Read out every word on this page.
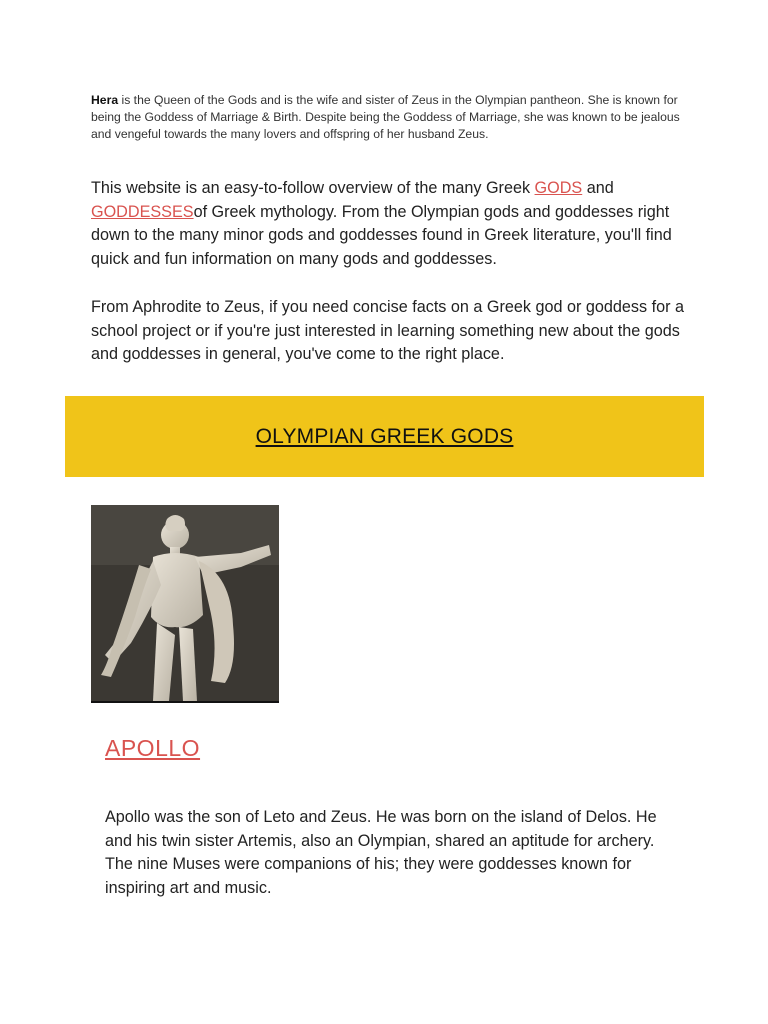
Hera is the Queen of the Gods and is the wife and sister of Zeus in the Olympian pantheon. She is known for being the Goddess of Marriage & Birth. Despite being the Goddess of Marriage, she was known to be jealous and vengeful towards the many lovers and offspring of her husband Zeus.

This website is an easy-to-follow overview of the many Greek GODS and GODDESSESof Greek mythology. From the Olympian gods and goddesses right down to the many minor gods and goddesses found in Greek literature, you'll find quick and fun information on many gods and goddesses.

From Aphrodite to Zeus, if you need concise facts on a Greek god or goddess for a school project or if you're just interested in learning something new about the gods and goddesses in general, you've come to the right place.

OLYMPIAN GREEK GODS
APOLLO
Apollo was the son of Leto and Zeus. He was born on the island of Delos. He and his twin sister Artemis, also an Olympian, shared an aptitude for archery. The nine Muses were companions of his; they were goddesses known for inspiring art and music.
